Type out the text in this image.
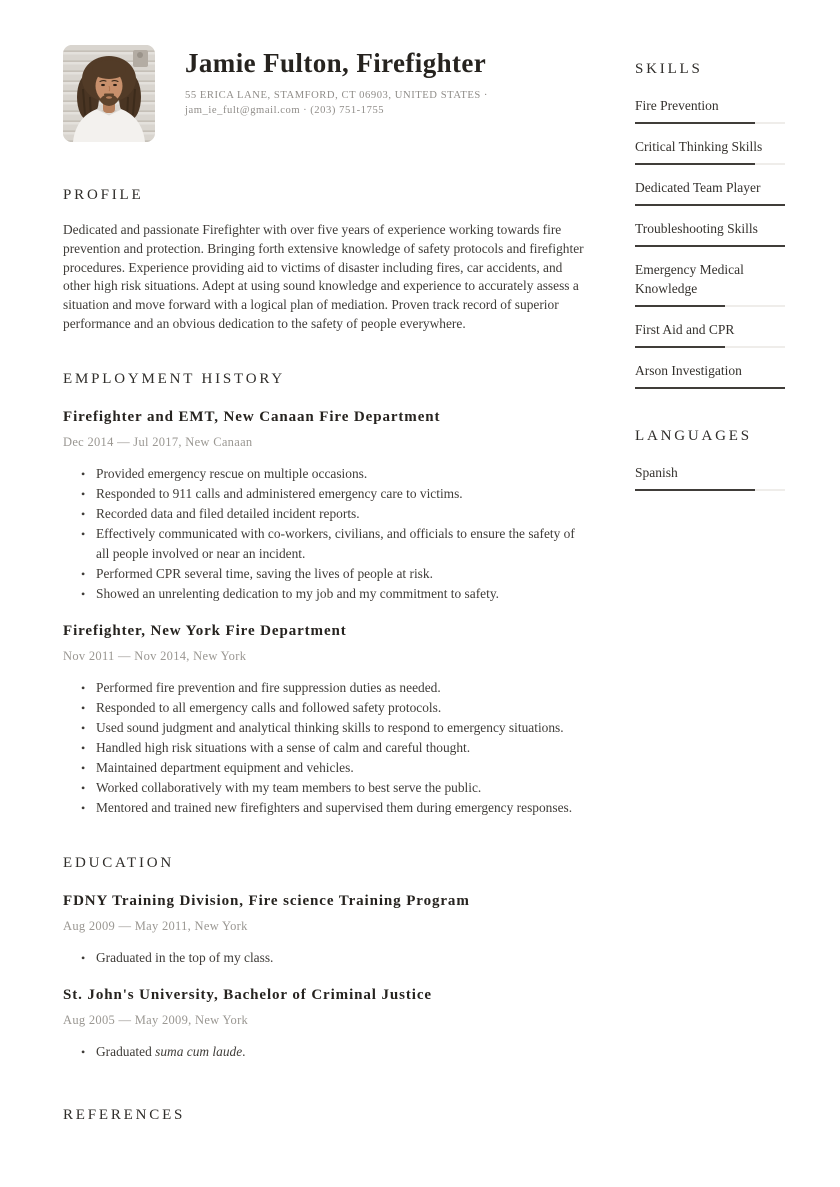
Jamie Fulton, Firefighter
55 ERICA LANE, STAMFORD, CT 06903, UNITED STATES ·
jam_ie_fult@gmail.com · (203) 751-1755
PROFILE
Dedicated and passionate Firefighter with over five years of experience working towards fire prevention and protection. Bringing forth extensive knowledge of safety protocols and firefighter procedures. Experience providing aid to victims of disaster including fires, car accidents, and other high risk situations. Adept at using sound knowledge and experience to accurately assess a situation and move forward with a logical plan of mediation. Proven track record of superior performance and an obvious dedication to the safety of people everywhere.
EMPLOYMENT HISTORY
Firefighter and EMT, New Canaan Fire Department
Dec 2014 — Jul 2017, New Canaan
• Provided emergency rescue on multiple occasions.
• Responded to 911 calls and administered emergency care to victims.
• Recorded data and filed detailed incident reports.
• Effectively communicated with co-workers, civilians, and officials to ensure the safety of all people involved or near an incident.
• Performed CPR several time, saving the lives of people at risk.
• Showed an unrelenting dedication to my job and my commitment to safety.
Firefighter, New York Fire Department
Nov 2011 — Nov 2014, New York
• Performed fire prevention and fire suppression duties as needed.
• Responded to all emergency calls and followed safety protocols.
• Used sound judgment and analytical thinking skills to respond to emergency situations.
• Handled high risk situations with a sense of calm and careful thought.
• Maintained department equipment and vehicles.
• Worked collaboratively with my team members to best serve the public.
• Mentored and trained new firefighters and supervised them during emergency responses.
EDUCATION
FDNY Training Division, Fire science Training Program
Aug 2009 — May 2011, New York
• Graduated in the top of my class.
St. John's University, Bachelor of Criminal Justice
Aug 2005 — May 2009, New York
• Graduated suma cum laude.
REFERENCES
SKILLS
Fire Prevention
Critical Thinking Skills
Dedicated Team Player
Troubleshooting Skills
Emergency Medical Knowledge
First Aid and CPR
Arson Investigation
LANGUAGES
Spanish
